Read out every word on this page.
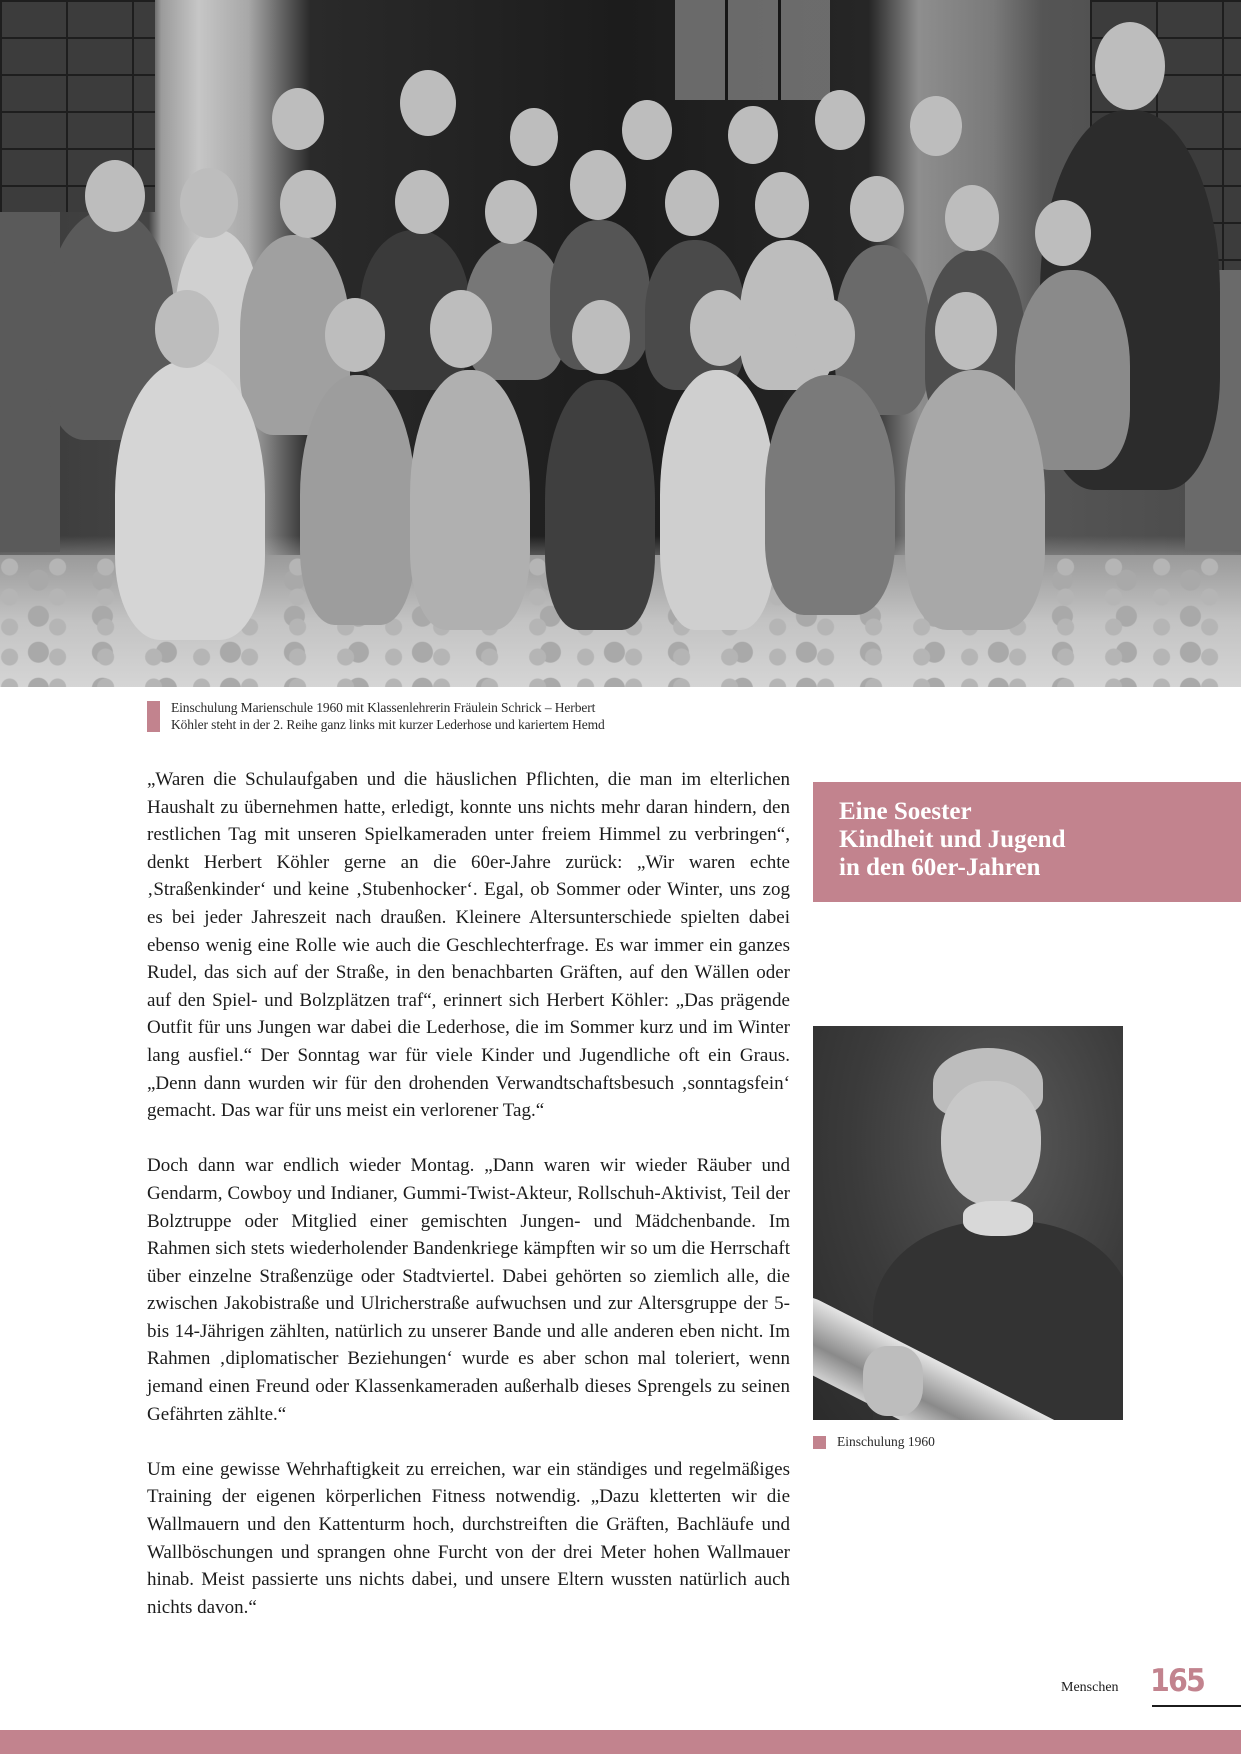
Einschulung Marienschule 1960 mit Klassenlehrerin Fräulein Schrick – Herbert
Köhler steht in der 2. Reihe ganz links mit kurzer Lederhose und kariertem Hemd

„Waren die Schulaufgaben und die häuslichen Pflichten, die man im elterlichen Haushalt zu übernehmen hatte, erledigt, konnte uns nichts mehr daran hindern, den restlichen Tag mit unseren Spielkameraden unter freiem Himmel zu verbringen“, denkt Herbert Köhler gerne an die 60er-Jahre zurück: „Wir waren echte ‚Straßenkinder‘ und keine ‚Stubenhocker‘. Egal, ob Sommer oder Winter, uns zog es bei jeder Jahreszeit nach draußen. Kleinere Altersunterschiede spielten dabei ebenso wenig eine Rolle wie auch die Geschlechterfrage. Es war immer ein ganzes Rudel, das sich auf der Straße, in den benachbarten Gräften, auf den Wällen oder auf den Spiel- und Bolzplätzen traf“, erinnert sich Herbert Köhler: „Das prägende Outfit für uns Jungen war dabei die Lederhose, die im Sommer kurz und im Winter lang ausfiel.“ Der Sonntag war für viele Kinder und Jugendliche oft ein Graus. „Denn dann wurden wir für den drohenden Verwandtschaftsbesuch ‚sonntagsfein‘ gemacht. Das war für uns meist ein verlorener Tag.“

Doch dann war endlich wieder Montag. „Dann waren wir wieder Räuber und Gendarm, Cowboy und Indianer, Gummi-Twist-Akteur, Rollschuh-Aktivist, Teil der Bolztruppe oder Mitglied einer gemischten Jungen- und Mädchenbande. Im Rahmen sich stets wiederholender Bandenkriege kämpften wir so um die Herrschaft über einzelne Straßenzüge oder Stadtviertel. Dabei gehörten so ziemlich alle, die zwischen Jakobistraße und Ulricherstraße aufwuchsen und zur Altersgruppe der 5- bis 14-Jährigen zählten, natürlich zu unserer Bande und alle anderen eben nicht. Im Rahmen ‚diplomatischer Beziehungen‘ wurde es aber schon mal toleriert, wenn jemand einen Freund oder Klassenkameraden außerhalb dieses Sprengels zu seinen Gefährten zählte.“

Um eine gewisse Wehrhaftigkeit zu erreichen, war ein ständiges und regelmäßiges Training der eigenen körperlichen Fitness notwendig. „Dazu kletterten wir die Wallmauern und den Kattenturm hoch, durchstreiften die Gräften, Bachläufe und Wallböschungen und sprangen ohne Furcht von der drei Meter hohen Wallmauer hinab. Meist passierte uns nichts dabei, und unsere Eltern wussten natürlich auch nichts davon.“

Eine Soester
Kindheit und Jugend
in den 60er-Jahren
Einschulung 1960
Menschen 165
